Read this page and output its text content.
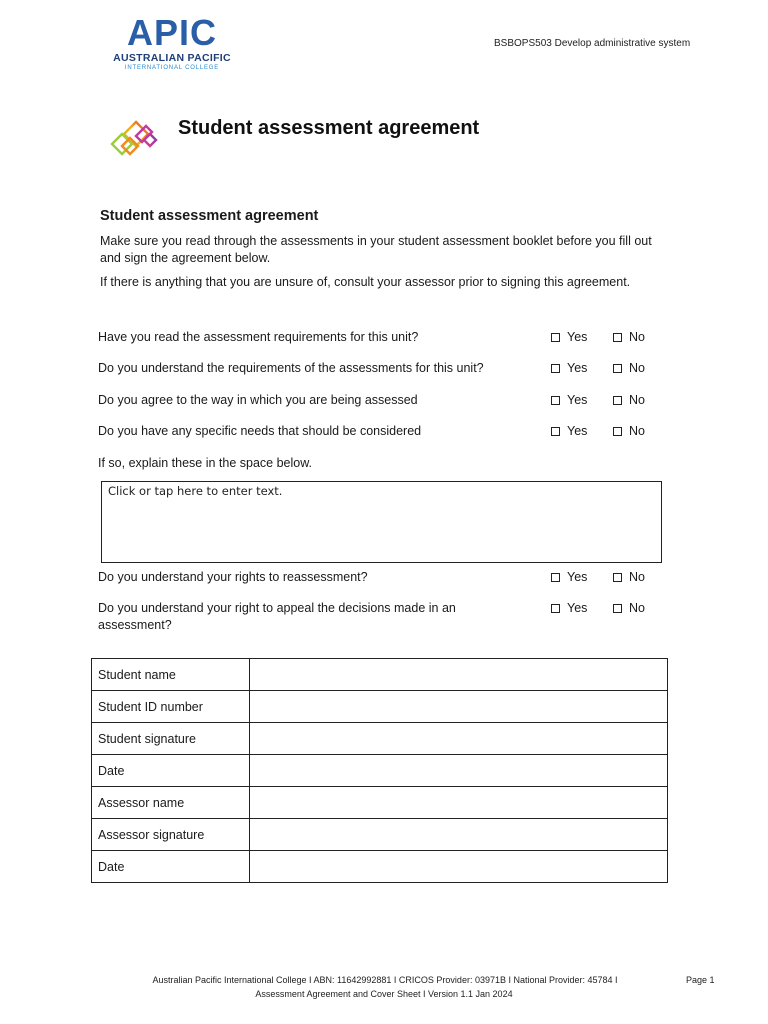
APIC
AUSTRALIAN PACIFIC
INTERNATIONAL COLLEGE
BSBOPS503 Develop administrative system
Student assessment agreement
Student assessment agreement
Make sure you read through the assessments in your student assessment booklet before you fill out and sign the agreement below.
If there is anything that you are unsure of, consult your assessor prior to signing this agreement.
Have you read the assessment requirements for this unit?	Yes	No
Do you understand the requirements of the assessments for this unit?	Yes	No
Do you agree to the way in which you are being assessed	Yes	No
Do you have any specific needs that should be considered	Yes	No
If so, explain these in the space below.
Click or tap here to enter text.
Do you understand your rights to reassessment?	Yes	No
Do you understand your right to appeal the decisions made in an assessment?
Yes	No
Student name	
Student ID number	
Student signature	
Date	
Assessor name	
Assessor signature	
Date	
Australian Pacific International College I ABN: 11642992881 I CRICOS Provider: 03971B I National Provider: 45784 I
Assessment Agreement and Cover Sheet I Version 1.1 Jan 2024
Page 1
